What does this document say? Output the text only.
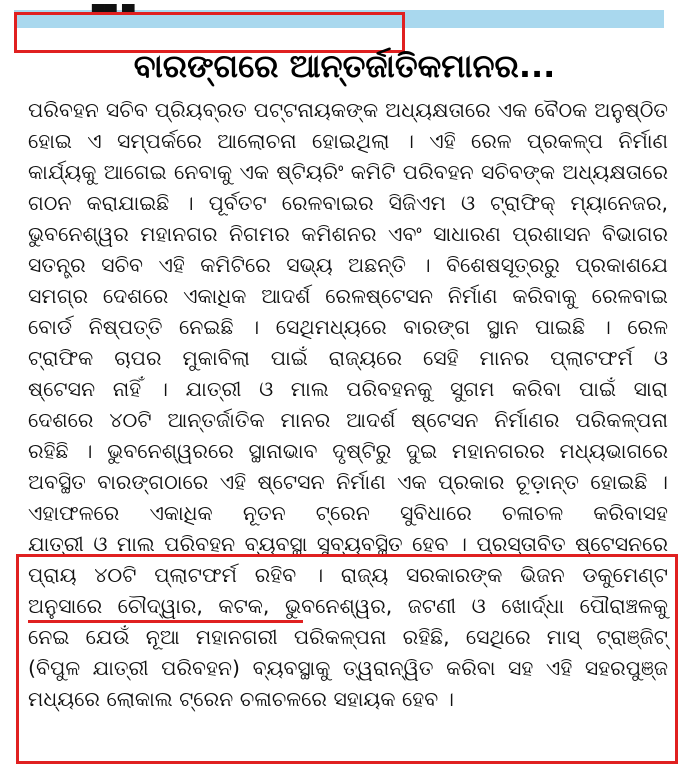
▀▀ ▀
ବାରଙ୍ଗରେ ଆନ୍ତର୍ଜାତିକମାନର...
ପରିବହନ ସଚିବ ପ୍ରିୟବ୍ରତ ପଟ୍ଟନାୟକଙ୍କ ଅଧ୍ୟକ୍ଷତାରେ ଏକ ବୈଠକ ଅନୁଷ୍ଠିତ
ହୋଇ ଏ ସମ୍ପର୍କରେ ଆଲୋଚନା ହୋଇଥିଲା । ଏହି ରେଳ ପ୍ରକଳ୍ପ ନିର୍ମାଣ
କାର୍ଯ୍ୟକୁ ଆଗେଇ ନେବାକୁ ଏକ ଷ୍ଟିୟରିଂ କମିଟି ପରିବହନ ସଚିବଙ୍କ ଅଧ୍ୟକ୍ଷତାରେ
ଗଠନ କରାଯାଇଛି । ପୂର୍ବତଟ ରେଳବାଇର ସିଜିଏମ ଓ ଟ୍ରାଫିକ୍ ମ୍ୟାନେଜର,
ଭୁବନେଶ୍ୱର ମହାନଗର ନିଗମର କମିଶନର ଏବଂ ସାଧାରଣ ପ୍ରଶାସନ ବିଭାଗର
ସତନ୍ତ୍ର ସଚିବ ଏହି କମିଟିରେ ସଭ୍ୟ ଅଛନ୍ତି । ବିଶେଷସୂତ୍ରରୁ ପ୍ରକାଶଯେ
ସମଗ୍ର ଦେଶରେ ଏକାଧିକ ଆଦର୍ଶ ରେଳଷ୍ଟେସନ ନିର୍ମାଣ କରିବାକୁ ରେଳବାଇ
ବୋର୍ଡ ନିଷ୍ପତ୍ତି ନେଇଛି । ସେଥିମଧ୍ୟରେ ବାରଙ୍ଗ ସ୍ଥାନ ପାଇଛି । ରେଳ
ଟ୍ରାଫିକ ଚାପର ମୁକାବିଲା ପାଇଁ ରାଜ୍ୟରେ ସେହି ମାନର ପ୍ଲାଟଫର୍ମ ଓ
ଷ୍ଟେସନ ନାହିଁ । ଯାତ୍ରୀ ଓ ମାଲ ପରିବହନକୁ ସୁଗମ କରିବା ପାଇଁ ସାରା
ଦେଶରେ ୪୦ଟି ଆନ୍ତର୍ଜାତିକ ମାନର ଆଦର୍ଶ ଷ୍ଟେସନ ନିର୍ମାଣର ପରିକଳ୍ପନା
ରହିଛି । ଭୁବନେଶ୍ୱରରେ ସ୍ଥାନାଭାବ ଦୃଷ୍ଟିରୁ ଦୁଇ ମହାନଗରର ମଧ୍ୟଭାଗରେ
ଅବସ୍ଥିତ ବାରଙ୍ଗଠାରେ ଏହି ଷ୍ଟେସନ ନିର୍ମାଣ ଏକ ପ୍ରକାର ଚୂଡ଼ାନ୍ତ ହୋଇଛି ।
ଏହାଫଳରେ ଏକାଧିକ ନୂତନ ଟ୍ରେନ ସୁବିଧାରେ ଚଳାଚଳ କରିବାସହ
ଯାତ୍ରୀ ଓ ମାଲ ପରିବହନ ବ୍ୟବସ୍ଥା ସୁବ୍ୟବସ୍ଥିତ ହେବ । ପ୍ରସ୍ତାବିତ ଷ୍ଟେସନରେ
ପ୍ରାୟ ୪୦ଟି ପ୍ଲାଟଫର୍ମ ରହିବ । ରାଜ୍ୟ ସରକାରଙ୍କ ଭିଜନ ଡକୁମେଣ୍ଟ
ଅନୁସାରେ ଚୌଦ୍ୱାର, କଟକ, ଭୁବନେଶ୍ୱର, ଜଟଣୀ ଓ ଖୋର୍ଦ୍ଧା ପୌରାଞ୍ଚଳକୁ
ନେଇ ଯେଉଁ ନୂଆ ମହାନଗରୀ ପରିକଳ୍ପନା ରହିଛି, ସେଥିରେ ମାସ୍ ଟ୍ରାଞ୍ଜିଟ୍
(ବିପୁଳ ଯାତ୍ରୀ ପରିବହନ) ବ୍ୟବସ୍ଥାକୁ ତ୍ୱରାନ୍ୱିତ କରିବା ସହ ଏହି ସହରପୁଞ୍ଜ
ମଧ୍ୟରେ ଲୋକାଲ ଟ୍ରେନ ଚଳାଚଳରେ ସହାୟକ ହେବ ।
